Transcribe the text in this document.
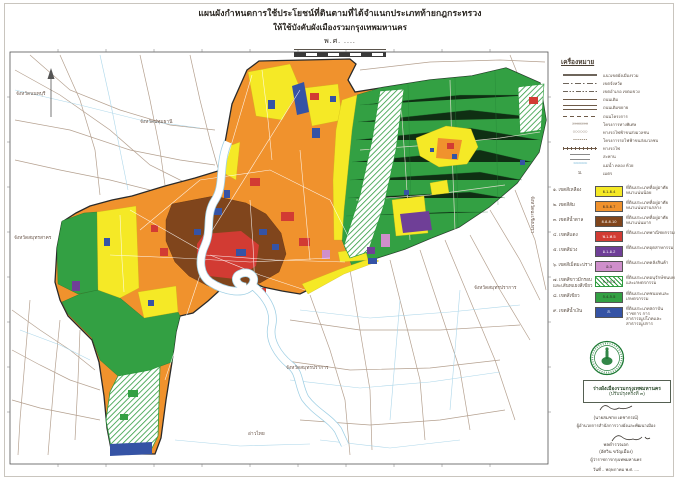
แผนผังกำหนดการใช้ประโยชน์ที่ดินตามที่ได้จำแนกประเภทท้ายกฎกระทรวง
ให้ใช้บังคับผังเมืองรวมกรุงเทพมหานคร
พ.ศ. ....
เครื่องหมาย
แนวเขตผังเมืองรวม
เขตจังหวัด
เขตอำเภอ เขตแขวง
ถนนเดิม
ถนนเดิมขยาย
ถนนโครงการ
»»»»»»»	โครงการทางพิเศษ
○○○○○○	ทางรถไฟฟ้าขนส่งมวลชน
∘∘∘∘∘∘∘	โครงการรถไฟฟ้าขนส่งมวลชน
ทางรถไฟ
สะพาน
≈≈≈≈≈	แม่น้ำ คลอง ห้วย
ม.	เมตร
๑. เขตสีเหลือง	ย.1-ย.4
ที่ดินประเภทที่อยู่อาศัยหนาแน่นน้อย
๒. เขตสีส้ม	ย.5-ย.7
ที่ดินประเภทที่อยู่อาศัยหนาแน่นปานกลาง
๓. เขตสีน้ำตาล	ย.8-ย.10
ที่ดินประเภทที่อยู่อาศัยหนาแน่นมาก
๔. เขตสีแดง	พ.1-พ.5
ที่ดินประเภทพาณิชยกรรม
๕. เขตสีม่วง	อ.1-อ.2
ที่ดินประเภทอุตสาหกรรม
๖. เขตสีเม็ดมะปราง	อ.3
ที่ดินประเภทคลังสินค้า
๗. เขตสีขาวมีกรอบและเส้นทแยงสีเขียว
ก.1-ก.3
ที่ดินประเภทอนุรักษ์ชนบทและเกษตรกรรม
๘. เขตสีเขียว	ก.4-ก.5
ที่ดินประเภทชนบทและเกษตรกรรม
๙. เขตสีน้ำเงิน	ส.
ที่ดินประเภทสถาบันราชการ การสาธารณูปโภคและสาธารณูปการ
ร่างผังเมืองรวมกรุงเทพมหานคร
(ปรับปรุงครั้งที่ ๓)
(นายสมชาย เดชากรณ์)
ผู้อำนวยการสำนักการวางผังและพัฒนาเมือง
พลตำรวจเอก
(อัศวิน ขวัญเมือง)
ผู้ว่าราชการกรุงเทพมหานคร
วันที่ .. พฤษภาคม พ.ศ. ....
จังหวัดนนทบุรี
จังหวัดปทุมธานี
จังหวัดฉะเชิงเทรา
จังหวัดสมุทรปราการ
จังหวัดสมุทรปราการ
จังหวัดสมุทรสาคร
อ่าวไทย
